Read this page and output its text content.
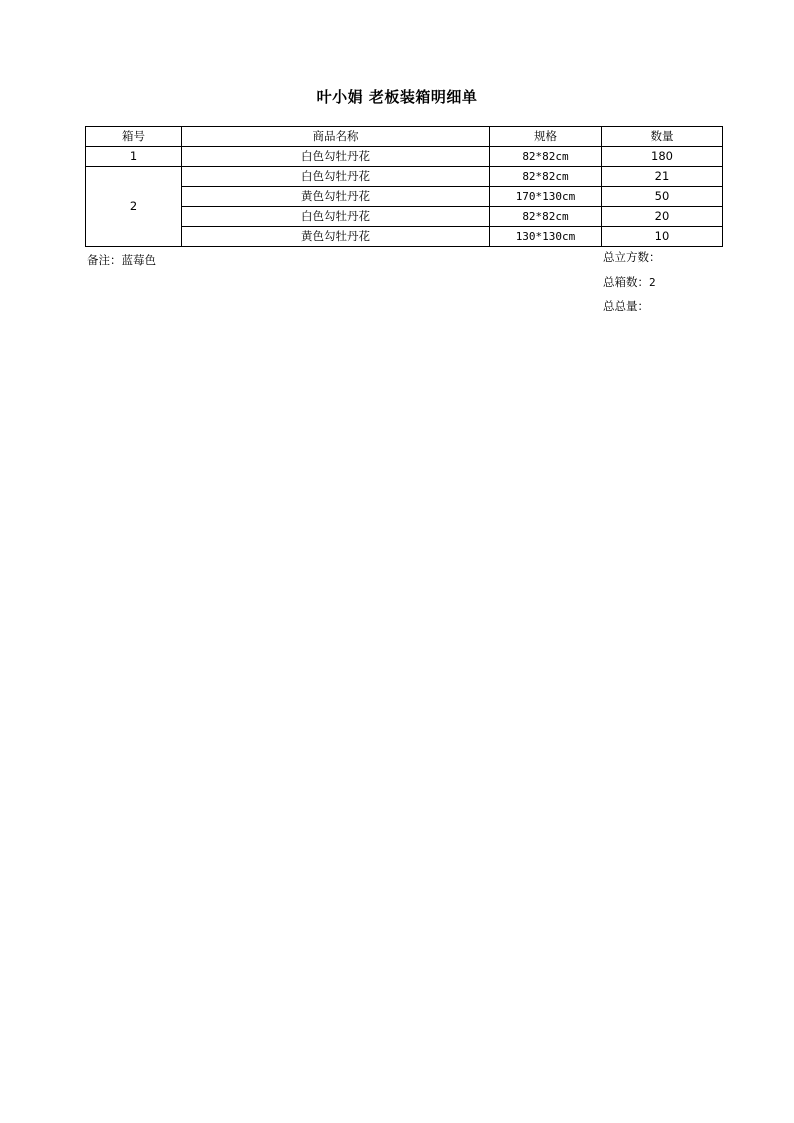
叶小娟 老板装箱明细单
箱号	商品名称	规格	数量
1	白色勾牡丹花	82*82cm	180
2	白色勾牡丹花	82*82cm	21
	黄色勾牡丹花	170*130cm	50
	白色勾牡丹花	82*82cm	20
	黄色勾牡丹花	130*130cm	10
备注：蓝莓色	总立方数：
总箱数：2
总总量：
